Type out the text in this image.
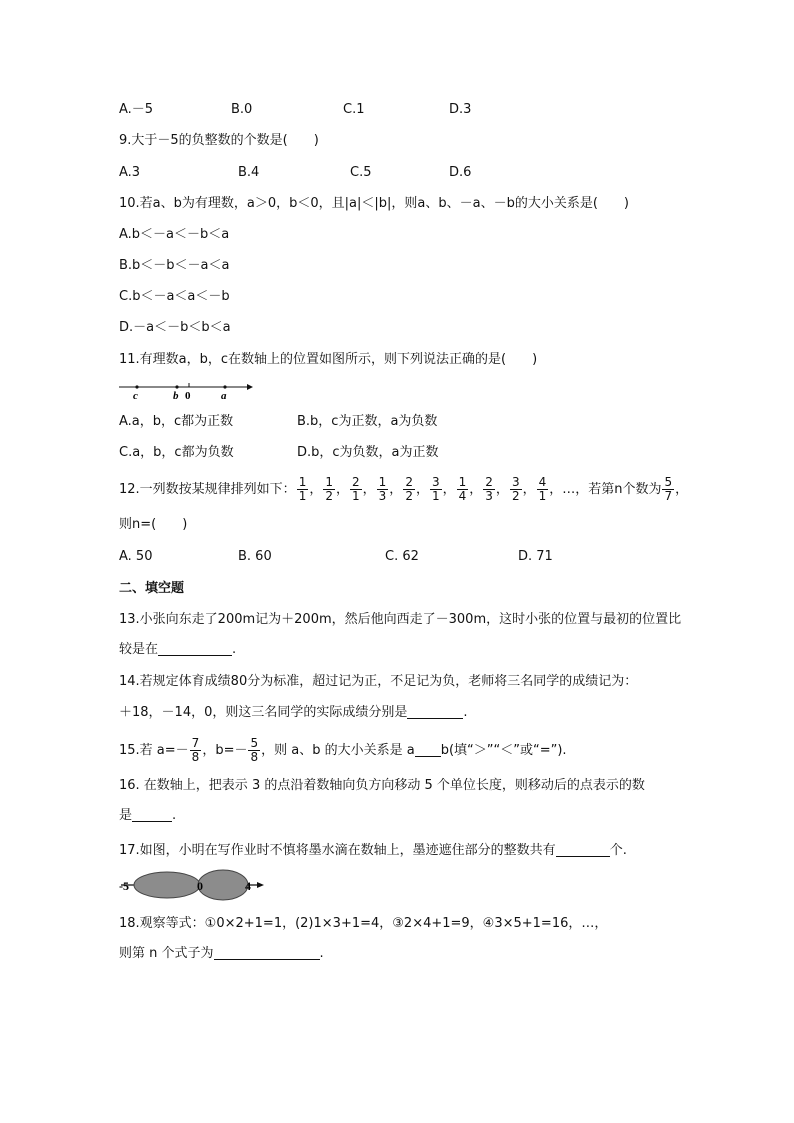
A.－5	B.0	C.1	D.3
9.大于－5的负整数的个数是(　　)
A.3	B.4	C.5	D.6
10.若a、b为有理数，a＞0，b＜0，且|a|＜|b|，则a、b、－a、－b的大小关系是(　　)
A.b＜－a＜－b＜a
B.b＜－b＜－a＜a
C.b＜－a＜a＜－b
D.－a＜－b＜b＜a
11.有理数a，b，c在数轴上的位置如图所示，则下列说法正确的是(　　)
c	b 0	a
A.a，b，c都为正数	B.b，c为正数，a为负数
C.a，b，c都为负数	D.b，c为负数，a为正数
12.一列数按某规律排列如下： $\frac{1}{1}$ ， $\frac{1}{2}$ ， $\frac{2}{1}$ ， $\frac{1}{3}$ ， $\frac{2}{2}$ ， $\frac{3}{1}$ ， $\frac{1}{4}$ ， $\frac{2}{3}$ ， $\frac{3}{2}$ ， $\frac{4}{1}$ ，…，若第n个数为 $\frac{5}{7}$ ，
则n=(　　)
A. 50	B. 60	C. 62	D. 71
二、填空题
13.小张向东走了200m记为＋200m，然后他向西走了－300m，这时小张的位置与最初的位置比
较是在	.
14.若规定体育成绩80分为标准，超过记为正，不足记为负，老师将三名同学的成绩记为：
＋18，－14，0，则这三名同学的实际成绩分别是	.
15.若 $a=- \frac{7}{8}$ ，$b=- \frac{5}{8}$ ，则 a、b 的大小关系是 a b(填“＞”“＜”或“=”).
16. 在数轴上，把表示 3 的点沿着数轴向负方向移动 5 个单位长度，则移动后的点表示的数
是	.
17.如图，小明在写作业时不慎将墨水滴在数轴上，墨迹遮住部分的整数共有	个.
-5	0	4
18.观察等式：①0×2+1=1，(2)1×3+1=4，③2×4+1=9，④3×5+1=16，…，
则第 n 个式子为	.
